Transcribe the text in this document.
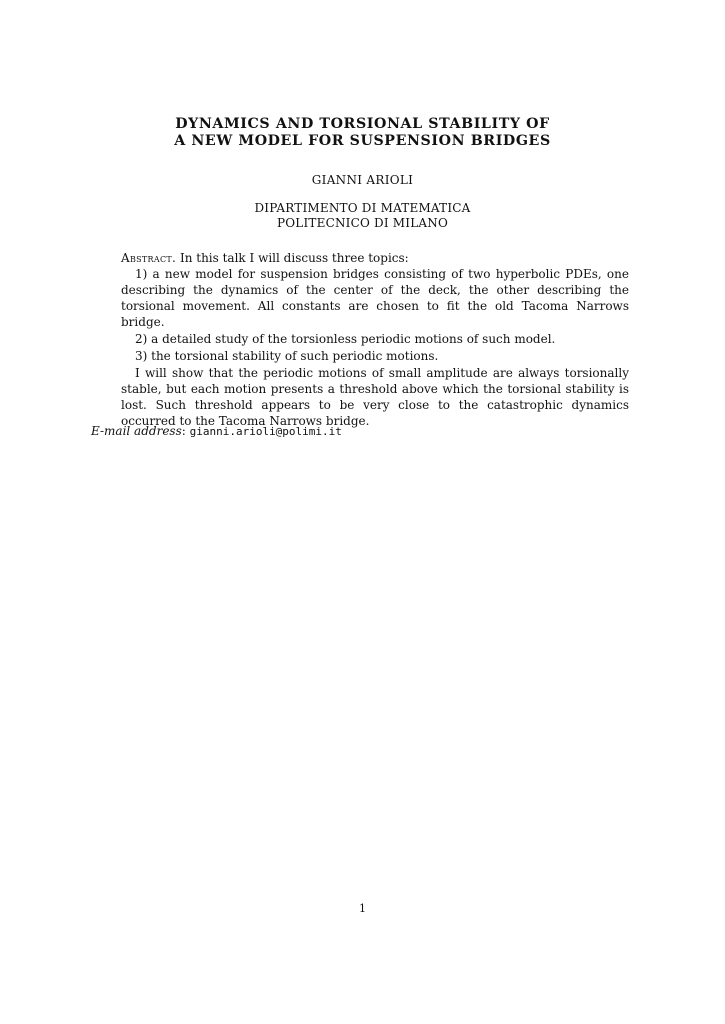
DYNAMICS AND TORSIONAL STABILITY OF
A NEW MODEL FOR SUSPENSION BRIDGES
GIANNI ARIOLI
DIPARTIMENTO DI MATEMATICA
POLITECNICO DI MILANO

Abstract. In this talk I will discuss three topics:

1) a new model for suspension bridges consisting of two hyperbolic PDEs, one describing the dynamics of the center of the deck, the other describing the torsional movement. All constants are chosen to fit the old Tacoma Narrows bridge.

2) a detailed study of the torsionless periodic motions of such model.

3) the torsional stability of such periodic motions.

I will show that the periodic motions of small amplitude are always torsionally stable, but each motion presents a threshold above which the torsional stability is lost. Such threshold appears to be very close to the catastrophic dynamics occurred to the Tacoma Narrows bridge.

E-mail address: gianni.arioli@polimi.it
1
